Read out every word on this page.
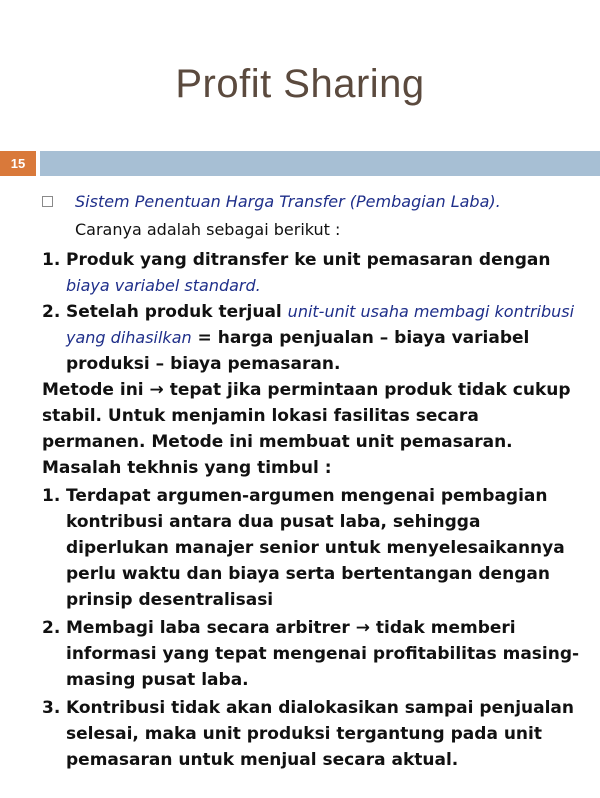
Profit Sharing
15
Sistem Penentuan Harga Transfer (Pembagian Laba).
Caranya adalah sebagai berikut :
1. Produk yang ditransfer ke unit pemasaran dengan
biaya variabel standard.
2. Setelah produk terjual unit-unit usaha membagi kontribusi
yang dihasilkan = harga penjualan – biaya variabel
produksi – biaya pemasaran.
Metode ini → tepat jika permintaan produk tidak cukup
stabil. Untuk menjamin lokasi fasilitas secara
permanen. Metode ini membuat unit pemasaran.
Masalah tekhnis yang timbul :
1. Terdapat argumen-argumen mengenai pembagian
kontribusi antara dua pusat laba, sehingga
diperlukan manajer senior untuk menyelesaikannya
perlu waktu dan biaya serta bertentangan dengan
prinsip desentralisasi
2. Membagi laba secara arbitrer → tidak memberi
informasi yang tepat mengenai profitabilitas masing-
masing pusat laba.
3. Kontribusi tidak akan dialokasikan sampai penjualan
selesai, maka unit produksi tergantung pada unit
pemasaran untuk menjual secara aktual.
